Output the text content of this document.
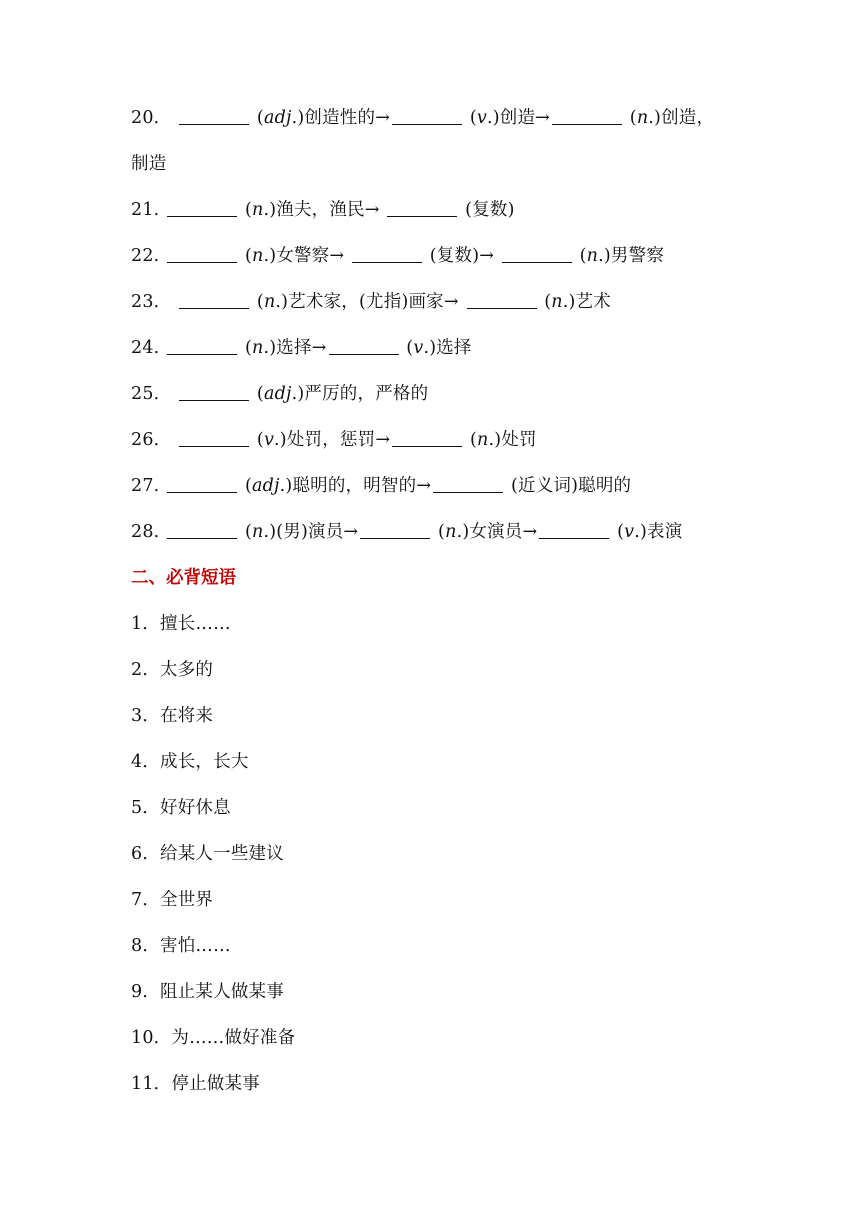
20．	(adj.)创造性的→	(v.)创造→	(n.)创造，
制造
21.	(n.)渔夫，渔民→	(复数)
22.	(n.)女警察→	(复数)→	(n.)男警察
23．	(n.)艺术家，(尤指)画家→	(n.)艺术
24.	(n.)选择→	(v.)选择
25．	(adj.)严厉的，严格的
26．	(v.)处罚，惩罚→	(n.)处罚
27.	(adj.)聪明的，明智的→	(近义词)聪明的
28.	(n.)(男)演员→	(n.)女演员→	(v.)表演
二、必背短语
1．擅长……
2．太多的
3．在将来
4．成长，长大
5．好好休息
6．给某人一些建议
7．全世界
8．害怕……
9．阻止某人做某事
10．为……做好准备
11．停止做某事
